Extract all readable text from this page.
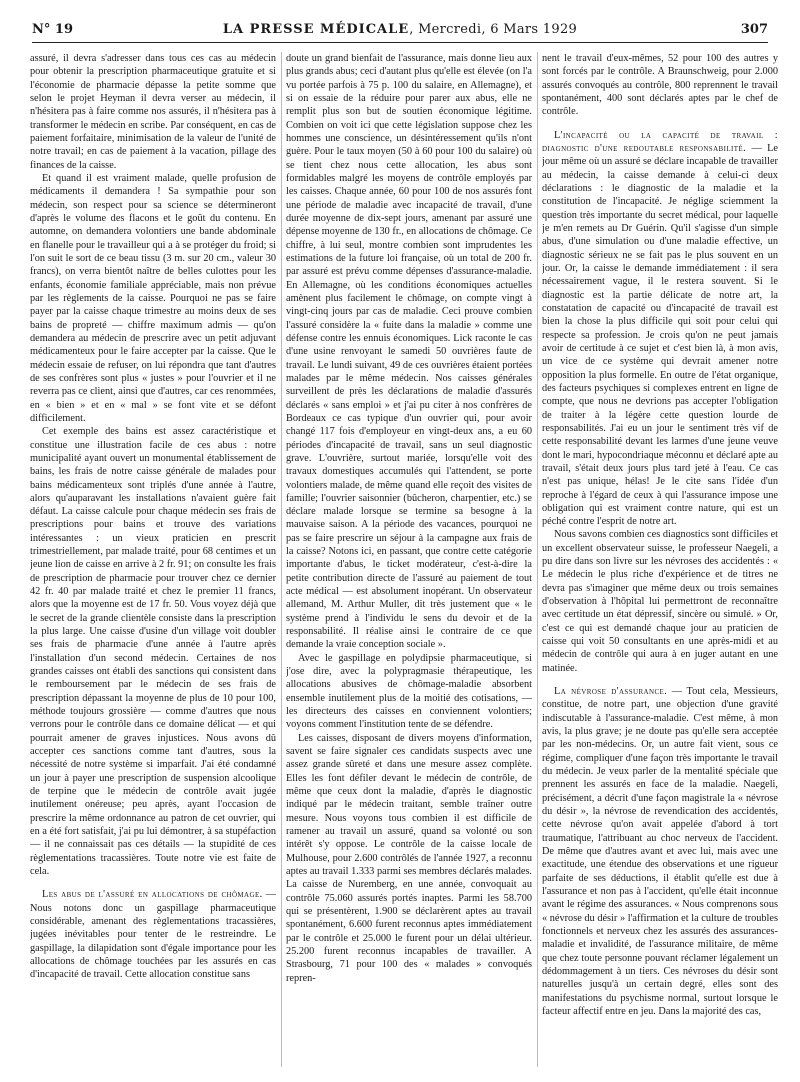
N° 19	LA PRESSE MÉDICALE, Mercredi, 6 Mars 1929	307

assuré, il devra s'adresser dans tous ces cas au médecin pour obtenir la prescription pharmaceutique gratuite et si l'économie de pharmacie dépasse la petite somme que selon le projet Heyman il devra verser au médecin, il n'hésitera pas à faire comme nos assurés, il n'hésitera pas à transformer le médecin en scribe. Par conséquent, en cas de paiement forfaitaire, minimisation de la valeur de l'unité de notre travail; en cas de paiement à la vacation, pillage des finances de la caisse.

Et quand il est vraiment malade, quelle profusion de médicaments il demandera ! Sa sympathie pour son médecin, son respect pour sa science se détermineront d'après le volume des flacons et le goût du contenu. En automne, on demandera volontiers une bande abdominale en flanelle pour le travailleur qui a à se protéger du froid; si l'on suit le sort de ce beau tissu (3 m. sur 20 cm., valeur 30 francs), on verra bientôt naître de belles culottes pour les enfants, économie familiale appréciable, mais non prévue par les règlements de la caisse. Pourquoi ne pas se faire payer par la caisse chaque trimestre au moins deux de ses bains de propreté — chiffre maximum admis — qu'on demandera au médecin de prescrire avec un petit adjuvant médicamenteux pour le faire accepter par la caisse. Que le médecin essaie de refuser, on lui répondra que tant d'autres de ses confrères sont plus « justes » pour l'ouvrier et il ne reverra pas ce client, ainsi que d'autres, car ces renommées, en « bien » et en « mal » se font vite et se défont difficilement.

Cet exemple des bains est assez caractéristique et constitue une illustration facile de ces abus : notre municipalité ayant ouvert un monumental établissement de bains, les frais de notre caisse générale de malades pour bains médicamenteux sont triplés d'une année à l'autre, alors qu'auparavant les installations n'avaient guère fait défaut. La caisse calcule pour chaque médecin ses frais de prescriptions pour bains et trouve des variations intéressantes : un vieux praticien en prescrit trimestriellement, par malade traité, pour 68 centimes et un jeune lion de caisse en arrive à 2 fr. 91; on consulte les frais de prescription de pharmacie pour trouver chez ce dernier 42 fr. 40 par malade traité et chez le premier 11 francs, alors que la moyenne est de 17 fr. 50. Vous voyez déjà que le secret de la grande clientèle consiste dans la prescription la plus large. Une caisse d'usine d'un village voit doubler ses frais de pharmacie d'une année à l'autre après l'installation d'un second médecin. Certaines de nos grandes caisses ont établi des sanctions qui consistent dans le remboursement par le médecin de ses frais de prescription dépassant la moyenne de plus de 10 pour 100, méthode toujours grossière — comme d'autres que nous verrons pour le contrôle dans ce domaine délicat — et qui pourrait amener de graves injustices. Nous avons dû accepter ces sanctions comme tant d'autres, sous la nécessité de notre système si imparfait. J'ai été condamné un jour à payer une prescription de suspension alcoolique de terpine que le médecin de contrôle avait jugée inutilement onéreuse; peu après, ayant l'occasion de prescrire la même ordonnance au patron de cet ouvrier, qui en a été fort satisfait, j'ai pu lui démontrer, à sa stupéfaction — il ne connaissait pas ces détails — la stupidité de ces règlementations tracassières. Toute notre vie est faite de cela.

Les abus de l'assuré en allocations de chômage. — Nous notons donc un gaspillage pharmaceutique considérable, amenant des règlementations tracassières, jugées inévitables pour tenter de le restreindre. Le gaspillage, la dilapidation sont d'égale importance pour les allocations de chômage touchées par les assurés en cas d'incapacité de travail. Cette allocation constitue sans

doute un grand bienfait de l'assurance, mais donne lieu aux plus grands abus; ceci d'autant plus qu'elle est élevée (on l'a vu portée parfois à 75 p. 100 du salaire, en Allemagne), et si on essaie de la réduire pour parer aux abus, elle ne remplit plus son but de soutien économique légitime. Combien on voit ici que cette législation suppose chez les hommes une conscience, un désintéressement qu'ils n'ont guère. Pour le taux moyen (50 à 60 pour 100 du salaire) où se tient chez nous cette allocation, les abus sont formidables malgré les moyens de contrôle employés par les caisses. Chaque année, 60 pour 100 de nos assurés font une période de maladie avec incapacité de travail, d'une durée moyenne de dix-sept jours, amenant par assuré une dépense moyenne de 130 fr., en allocations de chômage. Ce chiffre, à lui seul, montre combien sont imprudentes les estimations de la future loi française, où un total de 200 fr. par assuré est prévu comme dépenses d'assurance-maladie. En Allemagne, où les conditions économiques actuelles amènent plus facilement le chômage, on compte vingt à vingt-cinq jours par cas de maladie. Ceci prouve combien l'assuré considère la « fuite dans la maladie » comme une défense contre les ennuis économiques. Lick raconte le cas d'une usine renvoyant le samedi 50 ouvrières faute de travail. Le lundi suivant, 49 de ces ouvrières étaient portées malades par le même médecin. Nos caisses générales surveillent de près les déclarations de maladie d'assurés déclarés « sans emploi » et j'ai pu citer à nos confrères de Bordeaux ce cas typique d'un ouvrier qui, pour avoir changé 117 fois d'employeur en vingt-deux ans, a eu 60 périodes d'incapacité de travail, sans un seul diagnostic grave. L'ouvrière, surtout mariée, lorsqu'elle voit des travaux domestiques accumulés qui l'attendent, se porte volontiers malade, de même quand elle reçoit des visites de famille; l'ouvrier saisonnier (bûcheron, charpentier, etc.) se déclare malade lorsque se termine sa besogne à la mauvaise saison. A la période des vacances, pourquoi ne pas se faire prescrire un séjour à la campagne aux frais de la caisse? Notons ici, en passant, que contre cette catégorie importante d'abus, le ticket modérateur, c'est-à-dire la petite contribution directe de l'assuré au paiement de tout acte médical — est absolument inopérant. Un observateur allemand, M. Arthur Muller, dit très justement que « le système prend à l'individu le sens du devoir et de la responsabilité. Il réalise ainsi le contraire de ce que demande la vraie conception sociale ».

Avec le gaspillage en polydipsie pharmaceutique, si j'ose dire, avec la polypragmasie thérapeutique, les allocations abusives de chômage-maladie absorbent ensemble inutilement plus de la moitié des cotisations, — les directeurs des caisses en conviennent volontiers; voyons comment l'institution tente de se défendre.

Les caisses, disposant de divers moyens d'information, savent se faire signaler ces candidats suspects avec une assez grande sûreté et dans une mesure assez complète. Elles les font défiler devant le médecin de contrôle, de même que ceux dont la maladie, d'après le diagnostic indiqué par le médecin traitant, semble traîner outre mesure. Nous voyons tous combien il est difficile de ramener au travail un assuré, quand sa volonté ou son intérêt s'y oppose. Le contrôle de la caisse locale de Mulhouse, pour 2.600 contrôlés de l'année 1927, a reconnu aptes au travail 1.333 parmi ses membres déclarés malades. La caisse de Nuremberg, en une année, convoquait au contrôle 75.060 assurés portés inaptes. Parmi les 58.700 qui se présentèrent, 1.900 se déclarèrent aptes au travail spontanément, 6.600 furent reconnus aptes immédiatement par le contrôle et 25.000 le furent pour un délai ultérieur. 25.200 furent reconnus incapables de travailler. A Strasbourg, 71 pour 100 des « malades » convoqués repren-

nent le travail d'eux-mêmes, 52 pour 100 des autres y sont forcés par le contrôle. A Braunschweig, pour 2.000 assurés convoqués au contrôle, 800 reprennent le travail spontanément, 400 sont déclarés aptes par le chef de contrôle.

L'incapacité ou la capacité de travail : diagnostic d'une redoutable responsabilité. — Le jour même où un assuré se déclare incapable de travailler au médecin, la caisse demande à celui-ci deux déclarations : le diagnostic de la maladie et la constitution de l'incapacité. Je néglige sciemment la question très importante du secret médical, pour laquelle je m'en remets au Dr Guérin. Qu'il s'agisse d'un simple abus, d'une simulation ou d'une maladie effective, un diagnostic sérieux ne se fait pas le plus souvent en un jour. Or, la caisse le demande immédiatement : il sera nécessairement vague, il le restera souvent. Si le diagnostic est la partie délicate de notre art, la constatation de capacité ou d'incapacité de travail est bien la chose la plus difficile qui soit pour celui qui respecte sa profession. Je crois qu'on ne peut jamais avoir de certitude à ce sujet et c'est bien là, à mon avis, un vice de ce système qui devrait amener notre opposition la plus formelle. En outre de l'état organique, des facteurs psychiques si complexes entrent en ligne de compte, que nous ne devrions pas accepter l'obligation de traiter à la légère cette question lourde de responsabilités. J'ai eu un jour le sentiment très vif de cette responsabilité devant les larmes d'une jeune veuve dont le mari, hypocondriaque méconnu et déclaré apte au travail, s'était deux jours plus tard jeté à l'eau. Ce cas n'est pas unique, hélas! Je le cite sans l'idée d'un reproche à l'égard de ceux à qui l'assurance impose une obligation qui est vraiment contre nature, qui est un péché contre l'esprit de notre art.

Nous savons combien ces diagnostics sont difficiles et un excellent observateur suisse, le professeur Naegeli, a pu dire dans son livre sur les névroses des accidentés : « Le médecin le plus riche d'expérience et de titres ne devra pas s'imaginer que même deux ou trois semaines d'observation à l'hôpital lui permettront de reconnaître avec certitude un état dépressif, sincère ou simulé. » Or, c'est ce qui est demandé chaque jour au praticien de caisse qui voit 50 consultants en une après-midi et au médecin de contrôle qui aura à en juger autant en une matinée.

La névrose d'assurance. — Tout cela, Messieurs, constitue, de notre part, une objection d'une gravité indiscutable à l'assurance-maladie. C'est même, à mon avis, la plus grave; je ne doute pas qu'elle sera acceptée par les non-médecins. Or, un autre fait vient, sous ce régime, compliquer d'une façon très importante le travail du médecin. Je veux parler de la mentalité spéciale que prennent les assurés en face de la maladie. Naegeli, précisément, a décrit d'une façon magistrale la « névrose du désir », la névrose de revendication des accidentés, cette névrose qu'on avait appelée d'abord à tort traumatique, l'attribuant au choc nerveux de l'accident. De même que d'autres avant et avec lui, mais avec une exactitude, une étendue des observations et une rigueur parfaite de ses déductions, il établit qu'elle est due à l'assurance et non pas à l'accident, qu'elle était inconnue avant le régime des assurances. « Nous comprenons sous « névrose du désir » l'affirmation et la culture de troubles fonctionnels et nerveux chez les assurés des assurances-maladie et invalidité, de l'assurance militaire, de même que chez toute personne pouvant réclamer légalement un dédommagement à un tiers. Ces névroses du désir sont naturelles jusqu'à un certain degré, elles sont des manifestations du psychisme normal, surtout lorsque le facteur affectif entre en jeu. Dans la majorité des cas,
